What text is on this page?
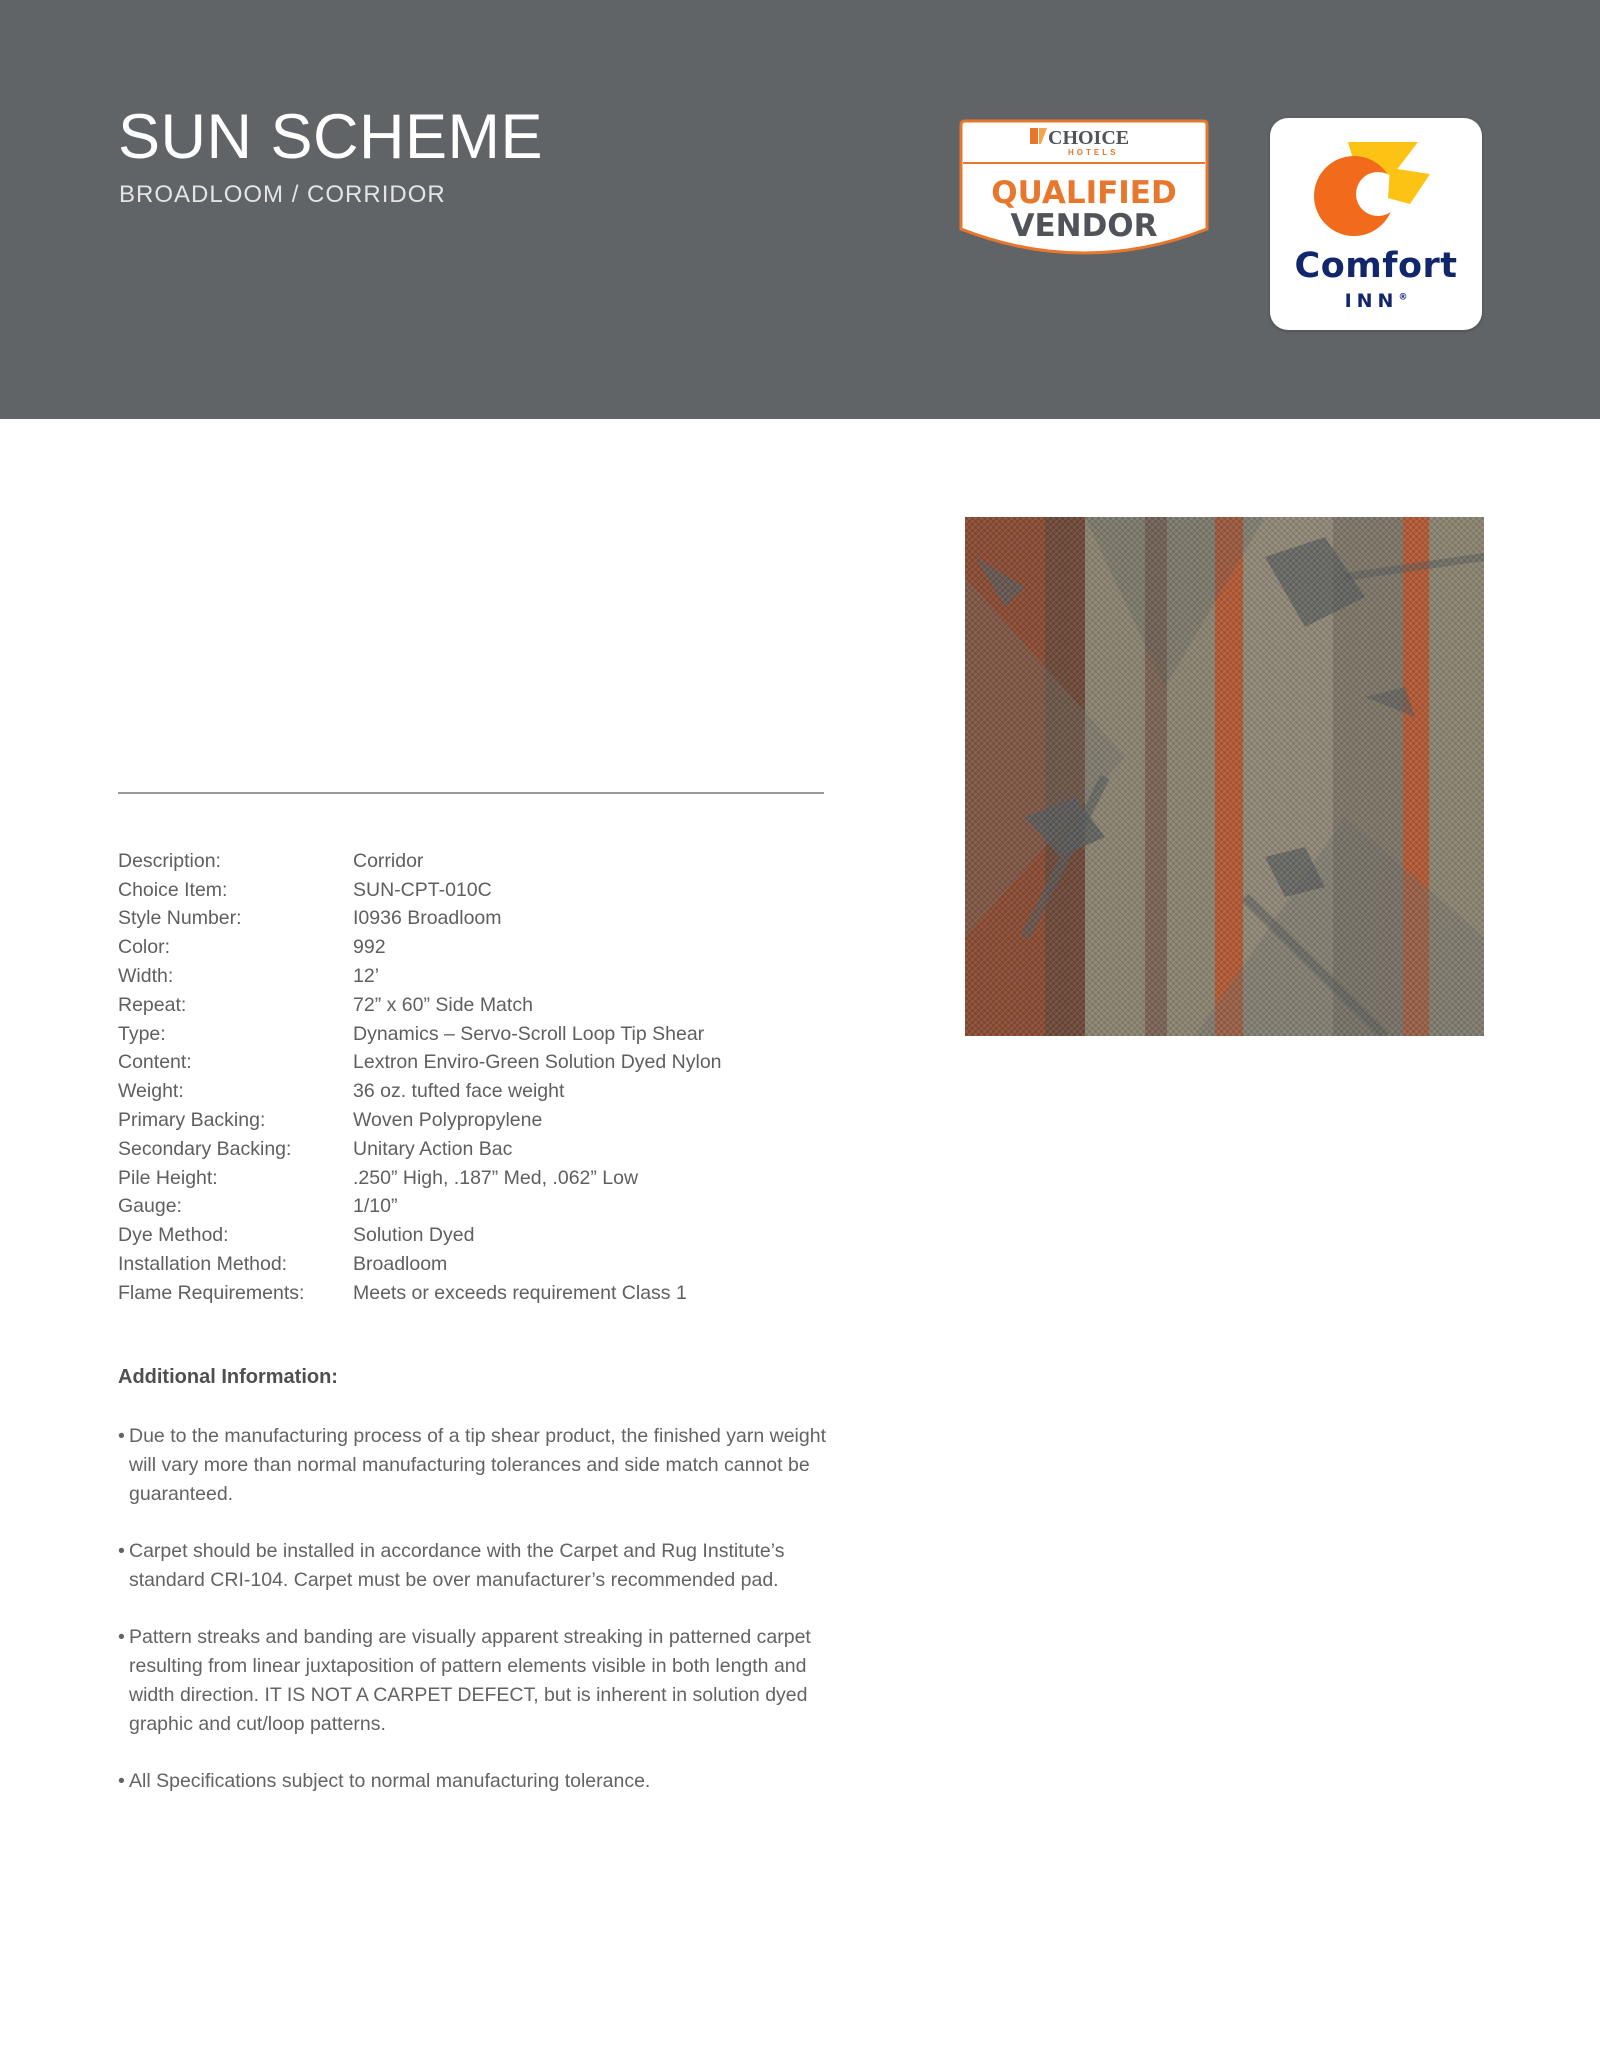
SUN SCHEME
BROADLOOM / CORRIDOR
CHOICE
HOTELS
QUALIFIED
VENDOR
Comfort
INN®
Description:	Corridor
Choice Item:	SUN-CPT-010C
Style Number:	I0936 Broadloom
Color:	992
Width:	12’
Repeat:	72” x 60” Side Match
Type:	Dynamics – Servo-Scroll Loop Tip Shear
Content:	Lextron Enviro-Green Solution Dyed Nylon
Weight:	36 oz. tufted face weight
Primary Backing:	Woven Polypropylene
Secondary Backing:	Unitary Action Bac
Pile Height:	.250” High, .187” Med, .062” Low
Gauge:	1/10”
Dye Method:	Solution Dyed
Installation Method:	Broadloom
Flame Requirements:	Meets or exceeds requirement Class 1
Additional Information:
• Due to the manufacturing process of a tip shear product, the finished yarn weight will vary more than normal manufacturing tolerances and side match cannot be guaranteed.
• Carpet should be installed in accordance with the Carpet and Rug Institute’s standard CRI-104. Carpet must be over manufacturer’s recommended pad.
• Pattern streaks and banding are visually apparent streaking in patterned carpet resulting from linear juxtaposition of pattern elements visible in both length and width direction. IT IS NOT A CARPET DEFECT, but is inherent in solution dyed graphic and cut/loop patterns.
• All Specifications subject to normal manufacturing tolerance.
